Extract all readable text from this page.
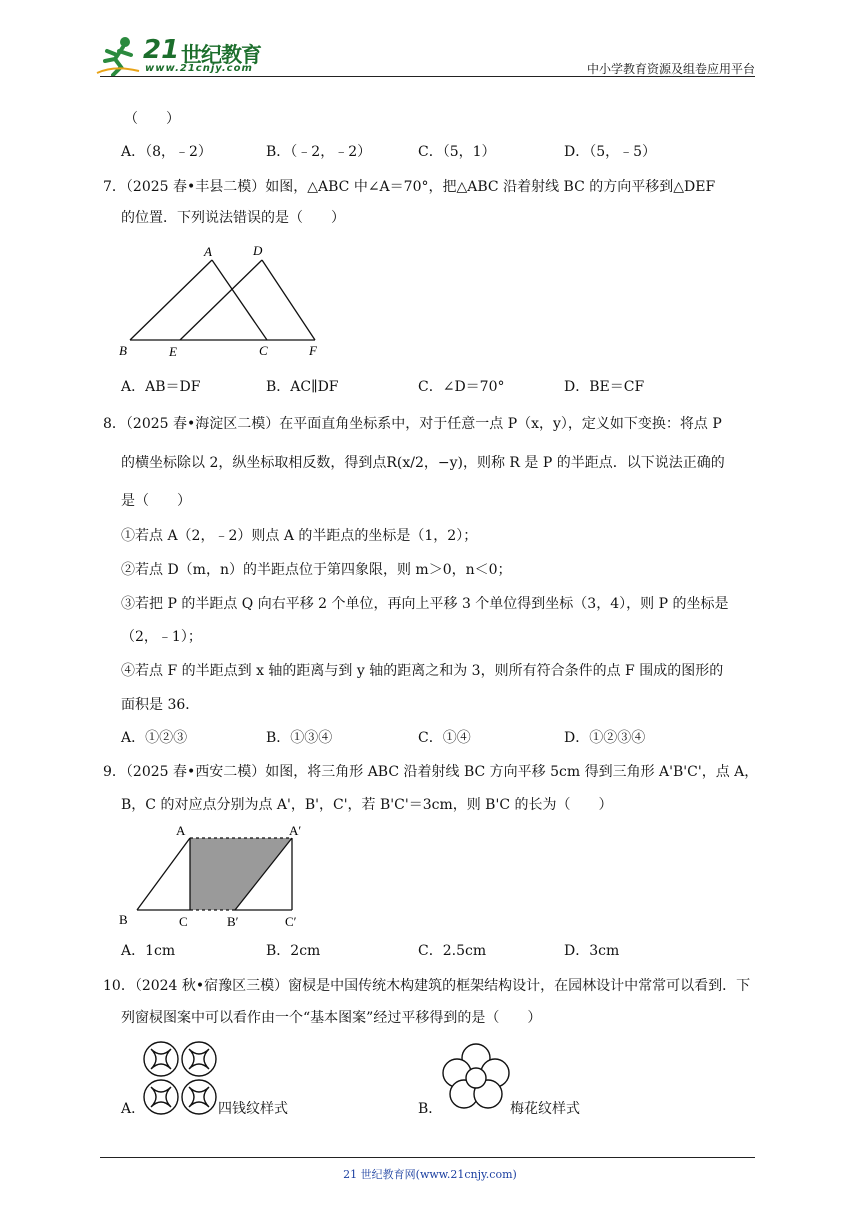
21 世纪教育
www.21cnjy.com	中小学教育资源及组卷应用平台
（　　）
A．（8，﹣2）	B．（﹣2，﹣2）	C．（5，1）	D．（5，﹣5）
7．（2025 春•丰县二模）如图，△ABC 中∠A＝70°，把△ABC 沿着射线 BC 的方向平移到△DEF
的位置．下列说法错误的是（　　）
A	D
B	E	C	F
A．AB＝DF	B．AC∥DF	C．∠D＝70°	D．BE＝CF
8．（2025 春•海淀区二模）在平面直角坐标系中，对于任意一点 P（x，y），定义如下变换：将点 P
的横坐标除以 2，纵坐标取相反数，得到点R(x/2，−y)，则称 R 是 P 的半距点．以下说法正确的
是（　　）
①若点 A（2，﹣2）则点 A 的半距点的坐标是（1，2）；
②若点 D（m，n）的半距点位于第四象限，则 m＞0，n＜0；
③若把 P 的半距点 Q 向右平移 2 个单位，再向上平移 3 个单位得到坐标（3，4），则 P 的坐标是
（2，﹣1）；
④若点 F 的半距点到 x 轴的距离与到 y 轴的距离之和为 3，则所有符合条件的点 F 围成的图形的
面积是 36．
A．①②③	B．①③④	C．①④	D．①②③④
9．（2025 春•西安二模）如图，将三角形 ABC 沿着射线 BC 方向平移 5cm 得到三角形 A'B'C'，点 A，
B，C 的对应点分别为点 A'，B'，C'，若 B'C'＝3cm，则 B'C 的长为（　　）
A	A′
B	C	B′	C′
A．1cm	B．2cm	C．2.5cm	D．3cm
10．（2024 秋•宿豫区三模）窗棂是中国传统木构建筑的框架结构设计，在园林设计中常常可以看到．下
列窗棂图案中可以看作由一个“基本图案”经过平移得到的是（　　）
A．	四钱纹样式	B．	梅花纹样式
21 世纪教育网(www.21cnjy.com)
